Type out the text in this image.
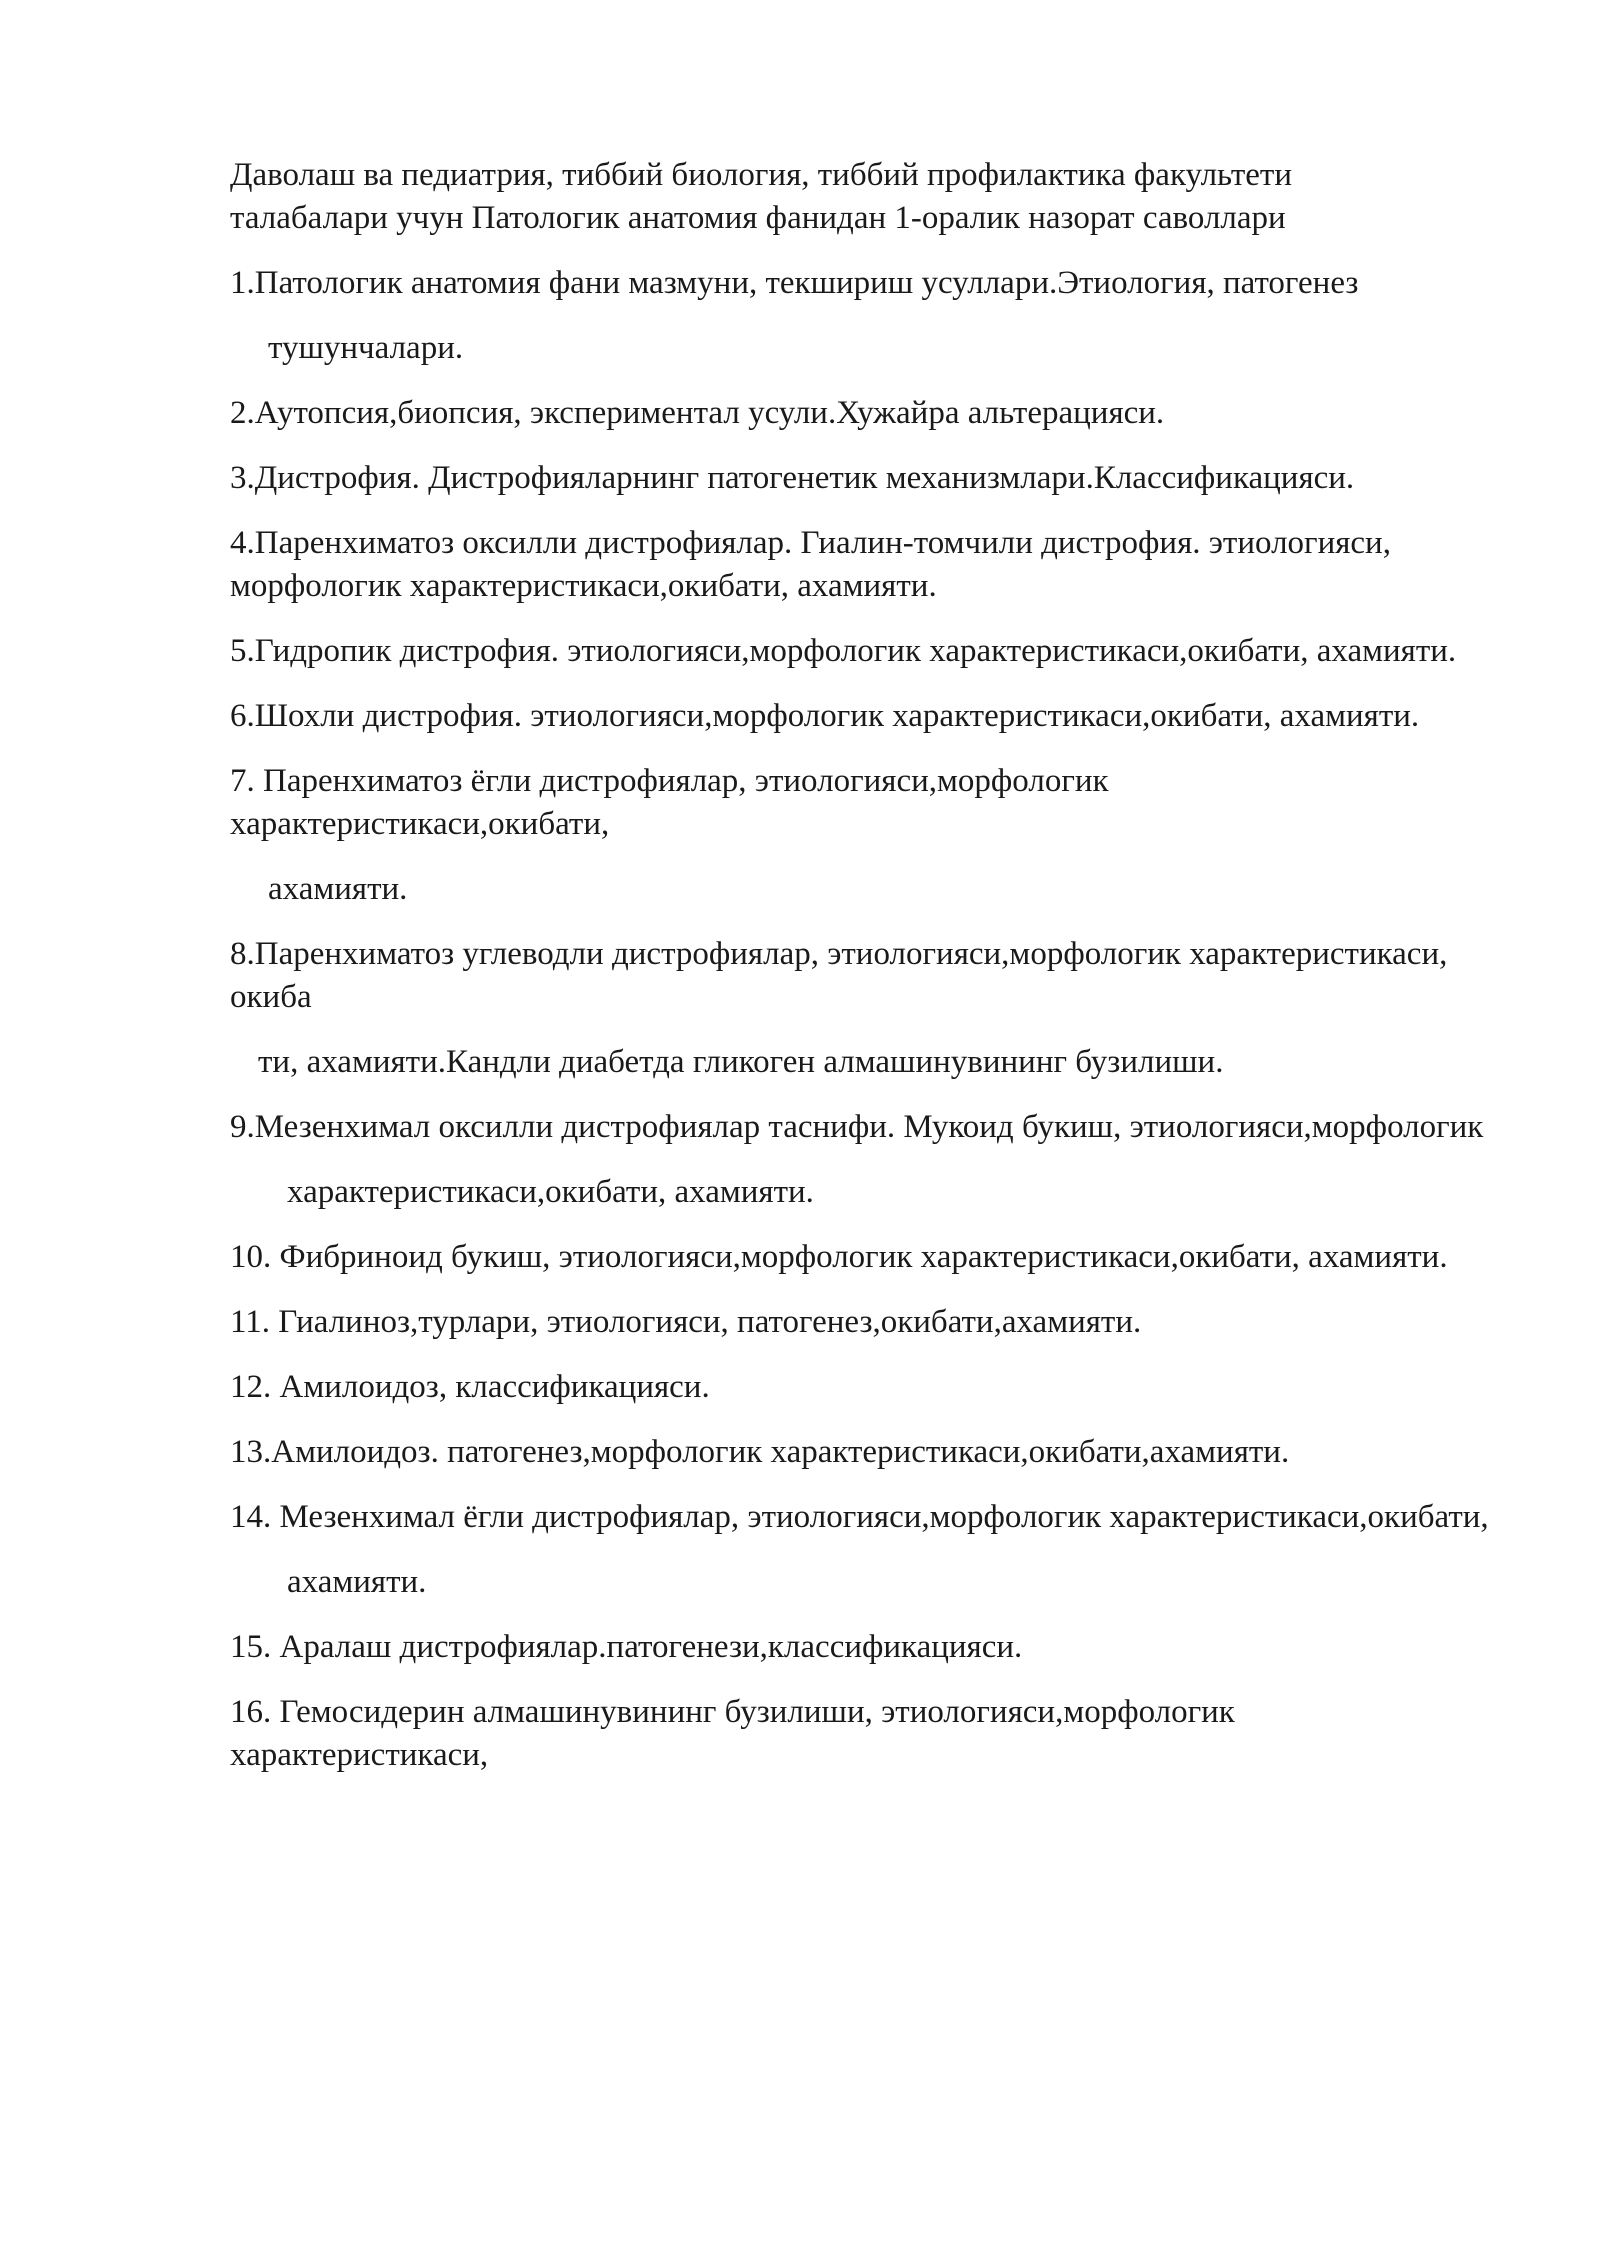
Даволаш ва педиатрия, тиббий биология, тиббий профилактика факультети
талабалари учун Патологик анатомия фанидан 1-оралик назорат саволлари
1.Патологик анатомия фани мазмуни, текшириш усуллари.Этиология, патогенез
тушунчалари.
2.Аутопсия,биопсия, экспериментал усули.Хужайра альтерацияси.
3.Дистрофия. Дистрофияларнинг патогенетик механизмлари.Классификацияси.
4.Паренхиматоз оксилли дистрофиялар. Гиалин-томчили дистрофия. этиологияси, морфологик характеристикаси,окибати, ахамияти.
5.Гидропик дистрофия. этиологияси,морфологик характеристикаси,окибати, ахамияти.
6.Шохли дистрофия. этиологияси,морфологик характеристикаси,окибати, ахамияти.
7. Паренхиматоз ёгли дистрофиялар, этиологияси,морфологик характеристикаси,окибати,
ахамияти.
8.Паренхиматоз углеводли дистрофиялар, этиологияси,морфологик характеристикаси, окиба
ти, ахамияти.Кандли диабетда гликоген алмашинувининг бузилиши.
9.Мезенхимал оксилли дистрофиялар таснифи. Мукоид букиш, этиологияси,морфологик
характеристикаси,окибати, ахамияти.
10. Фибриноид букиш, этиологияси,морфологик характеристикаси,окибати, ахамияти.
11. Гиалиноз,турлари, этиологияси, патогенез,окибати,ахамияти.
12. Амилоидоз, классификацияси.
13.Амилоидоз. патогенез,морфологик характеристикаси,окибати,ахамияти.
14. Мезенхимал ёгли дистрофиялар, этиологияси,морфологик характеристикаси,окибати,
ахамияти.
15. Аралаш дистрофиялар.патогенези,классификацияси.
16. Гемосидерин алмашинувининг бузилиши, этиологияси,морфологик характеристикаси,
